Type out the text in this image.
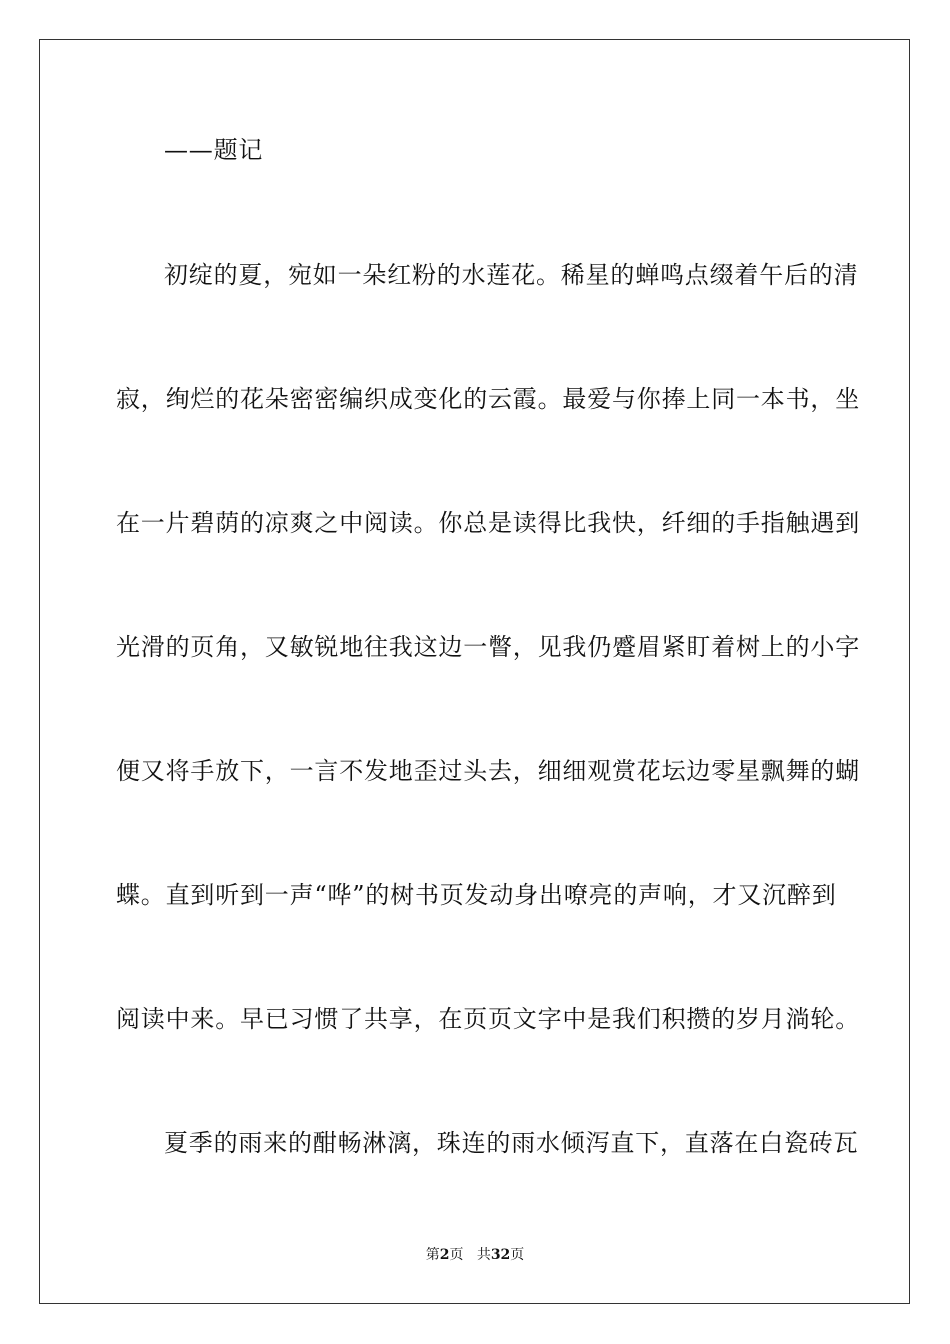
——题记
初绽的夏，宛如一朵红粉的水莲花。稀星的蝉鸣点缀着午后的清
寂，绚烂的花朵密密编织成变化的云霞。最爱与你捧上同一本书，坐
在一片碧荫的凉爽之中阅读。你总是读得比我快，纤细的手指触遇到
光滑的页角，又敏锐地往我这边一瞥，见我仍蹙眉紧盯着树上的小字
便又将手放下，一言不发地歪过头去，细细观赏花坛边零星飘舞的蝴
蝶。直到听到一声“哗”的树书页发动身出嘹亮的声响，才又沉醉到
阅读中来。早已习惯了共享，在页页文字中是我们积攒的岁月淌轮。
夏季的雨来的酣畅淋漓，珠连的雨水倾泻直下，直落在白瓷砖瓦
第2页 共32页
